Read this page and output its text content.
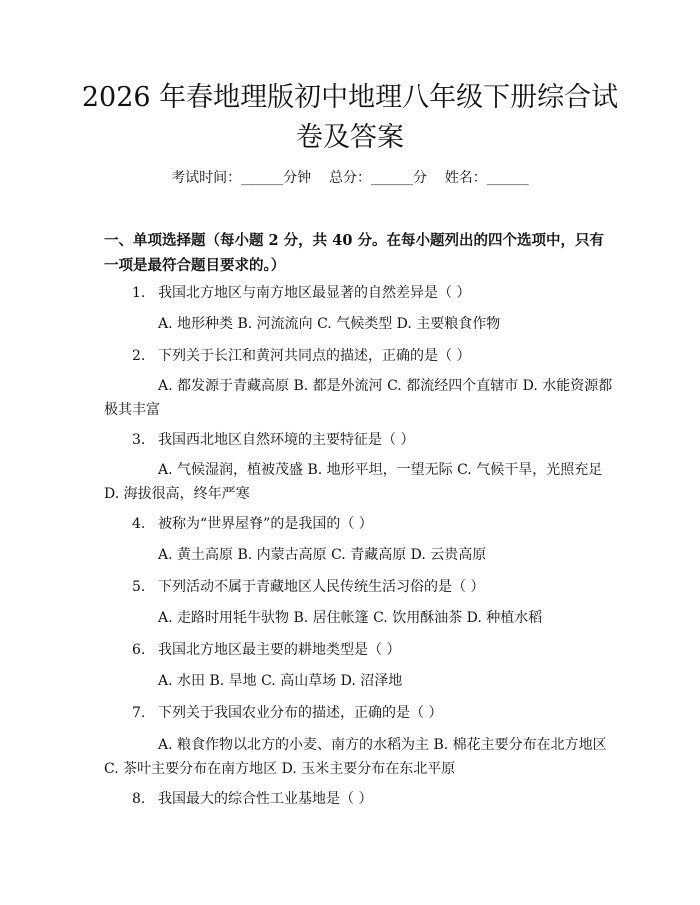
2026 年春地理版初中地理八年级下册综合试
卷及答案
考试时间：______分钟    总分：______分    姓名：______
一、单项选择题（每小题 2 分，共 40 分。在每小题列出的四个选项中，只有一项是最符合题目要求的。）
1. 我国北方地区与南方地区最显著的自然差异是（ ）
A. 地形种类 B. 河流流向 C. 气候类型 D. 主要粮食作物
2. 下列关于长江和黄河共同点的描述，正确的是（ ）
A. 都发源于青藏高原 B. 都是外流河 C. 都流经四个直辖市 D. 水能资源都极其丰富
3. 我国西北地区自然环境的主要特征是（ ）
A. 气候湿润，植被茂盛 B. 地形平坦，一望无际 C. 气候干旱，光照充足 D. 海拔很高，终年严寒
4. 被称为“世界屋脊”的是我国的（ ）
A. 黄土高原 B. 内蒙古高原 C. 青藏高原 D. 云贵高原
5. 下列活动不属于青藏地区人民传统生活习俗的是（ ）
A. 走路时用牦牛驮物 B. 居住帐篷 C. 饮用酥油茶 D. 种植水稻
6. 我国北方地区最主要的耕地类型是（ ）
A. 水田 B. 旱地 C. 高山草场 D. 沼泽地
7. 下列关于我国农业分布的描述，正确的是（ ）
A. 粮食作物以北方的小麦、南方的水稻为主 B. 棉花主要分布在北方地区 C. 茶叶主要分布在南方地区 D. 玉米主要分布在东北平原
8. 我国最大的综合性工业基地是（ ）
